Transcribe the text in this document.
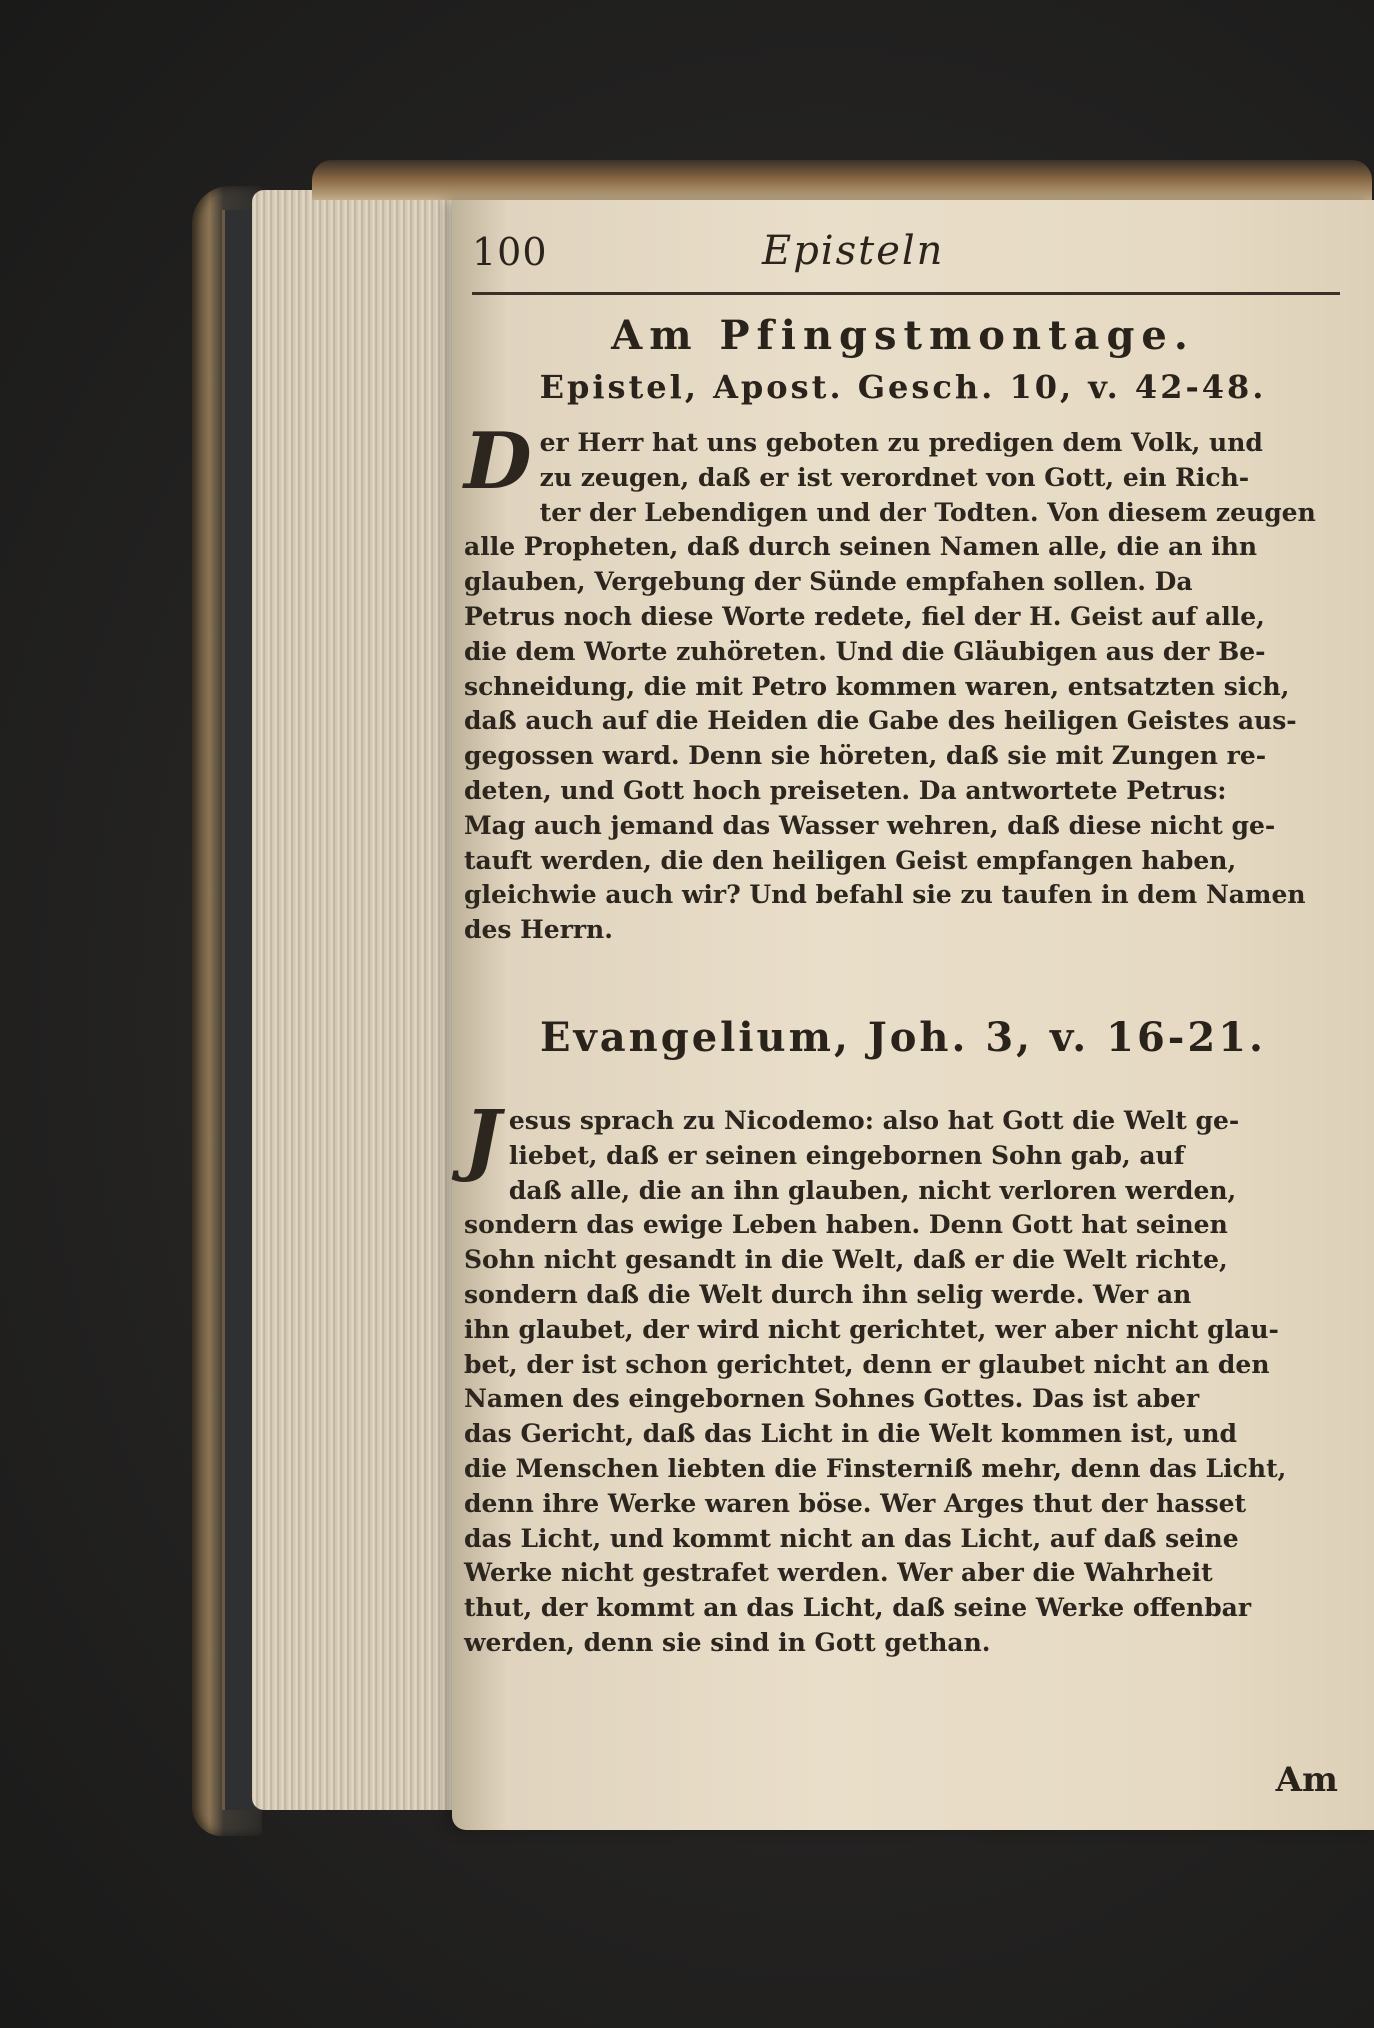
100	Episteln
Am Pfingstmontage.
Epistel, Apost. Gesch. 10, v. 42-48.
D er Herr hat uns geboten zu predigen dem Volk, und
zu zeugen, daß er ist verordnet von Gott, ein Rich-
ter der Lebendigen und der Todten. Von diesem zeugen
alle Propheten, daß durch seinen Namen alle, die an ihn
glauben, Vergebung der Sünde empfahen sollen. Da
Petrus noch diese Worte redete, fiel der H. Geist auf alle,
die dem Worte zuhöreten. Und die Gläubigen aus der Be-
schneidung, die mit Petro kommen waren, entsatzten sich,
daß auch auf die Heiden die Gabe des heiligen Geistes aus-
gegossen ward. Denn sie höreten, daß sie mit Zungen re-
deten, und Gott hoch preiseten. Da antwortete Petrus:
Mag auch jemand das Wasser wehren, daß diese nicht ge-
tauft werden, die den heiligen Geist empfangen haben,
gleichwie auch wir? Und befahl sie zu taufen in dem Namen
des Herrn.
Evangelium, Joh. 3, v. 16-21.
J esus sprach zu Nicodemo: also hat Gott die Welt ge-
liebet, daß er seinen eingebornen Sohn gab, auf
daß alle, die an ihn glauben, nicht verloren werden,
sondern das ewige Leben haben. Denn Gott hat seinen
Sohn nicht gesandt in die Welt, daß er die Welt richte,
sondern daß die Welt durch ihn selig werde. Wer an
ihn glaubet, der wird nicht gerichtet, wer aber nicht glau-
bet, der ist schon gerichtet, denn er glaubet nicht an den
Namen des eingebornen Sohnes Gottes. Das ist aber
das Gericht, daß das Licht in die Welt kommen ist, und
die Menschen liebten die Finsterniß mehr, denn das Licht,
denn ihre Werke waren böse. Wer Arges thut der hasset
das Licht, und kommt nicht an das Licht, auf daß seine
Werke nicht gestrafet werden. Wer aber die Wahrheit
thut, der kommt an das Licht, daß seine Werke offenbar
werden, denn sie sind in Gott gethan.
Am
